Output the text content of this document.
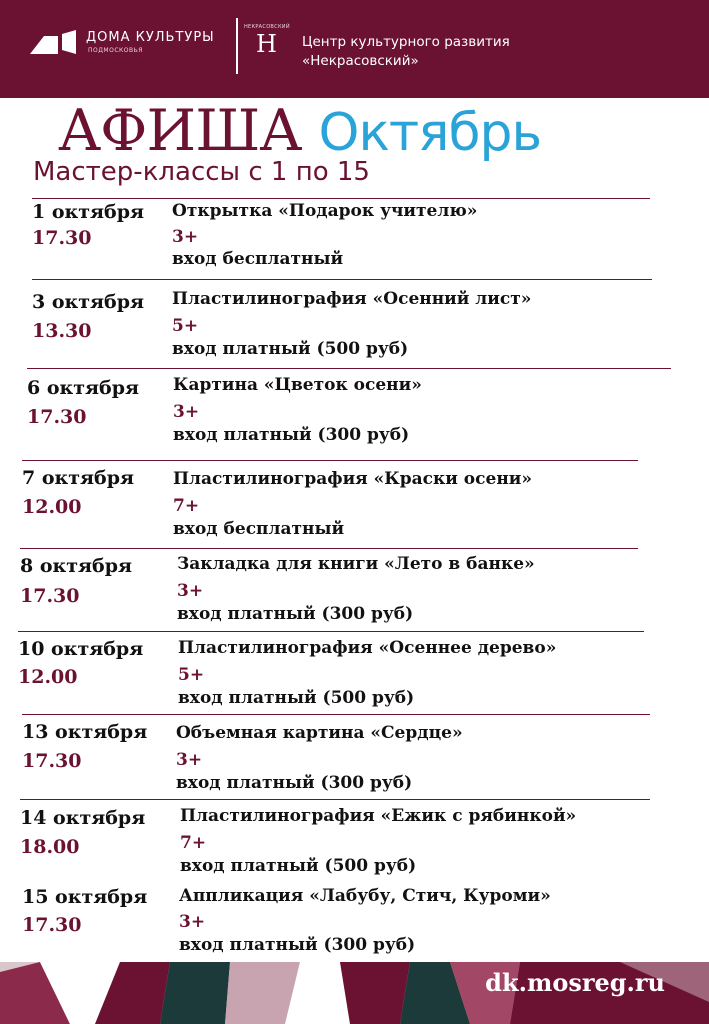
ДОМА КУЛЬТУРЫ
ПОДМОСКОВЬЯ
НЕКРАСОВСКИЙ
Н Центр культурного развития
«Некрасовский»
АФИША Октябрь
Мастер-классы с 1 по 15
1 октября
17.30
Открытка «Подарок учителю»
3+
вход бесплатный
3 октября
13.30
Пластилинография «Осенний лист»
5+
вход платный (500 руб)
6 октября
17.30
Картина «Цветок осени»
3+
вход платный (300 руб)
7 октября
12.00
Пластилинография «Краски осени»
7+
вход бесплатный
8 октября
17.30
Закладка для книги «Лето в банке»
3+
вход платный (300 руб)
10 октября
12.00
Пластилинография «Осеннее дерево»
5+
вход платный (500 руб)
13 октября
17.30
Объемная картина «Сердце»
3+
вход платный (300 руб)
14 октября
18.00
Пластилинография «Ежик с рябинкой»
7+
вход платный (500 руб)
15 октября
17.30
Аппликация «Лабубу, Стич, Куроми»
3+
вход платный (300 руб)
dk.mosreg.ru
